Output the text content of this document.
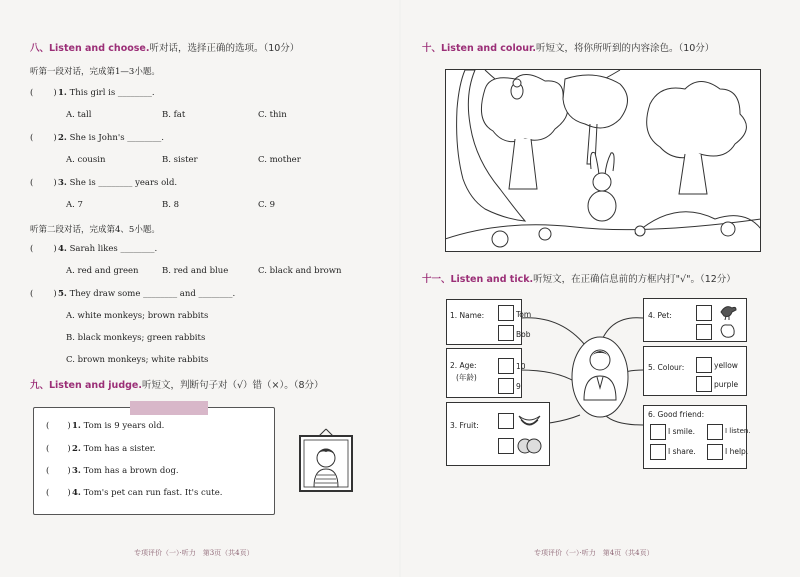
八、Listen and choose.听对话，选择正确的选项。（10分）
听第一段对话，完成第1—3小题。
( ) 1. This girl is ________.
A. tall	B. fat	C. thin
( ) 2. She is John's ________.
A. cousin	B. sister	C. mother
( ) 3. She is ________ years old.
A. 7	B. 8	C. 9
听第二段对话，完成第4、5小题。
( ) 4. Sarah likes ________.
A. red and green	B. red and blue	C. black and brown
( ) 5. They draw some ________ and ________.
A. white monkeys; brown rabbits
B. black monkeys; green rabbits
C. brown monkeys; white rabbits
九、Listen and judge.听短文，判断句子对（√）错（×）。（8分）
( ) 1. Tom is 9 years old.
( ) 2. Tom has a sister.
( ) 3. Tom has a brown dog.
( ) 4. Tom's pet can run fast. It's cute.
专项评价（一）·听力　第3页（共4页）
十、Listen and colour.听短文，将你所听到的内容涂色。（10分）
十一、Listen and tick.听短文，在正确信息前的方框内打"√"。（12分）
1. Name:	Tom
Bob
2. Age:
(年龄)
10
9
3. Fruit:
4. Pet:
5. Colour:	yellow
purple
6. Good friend:
I smile.	I listen.
I share.	I help.
专项评价（一）·听力　第4页（共4页）
